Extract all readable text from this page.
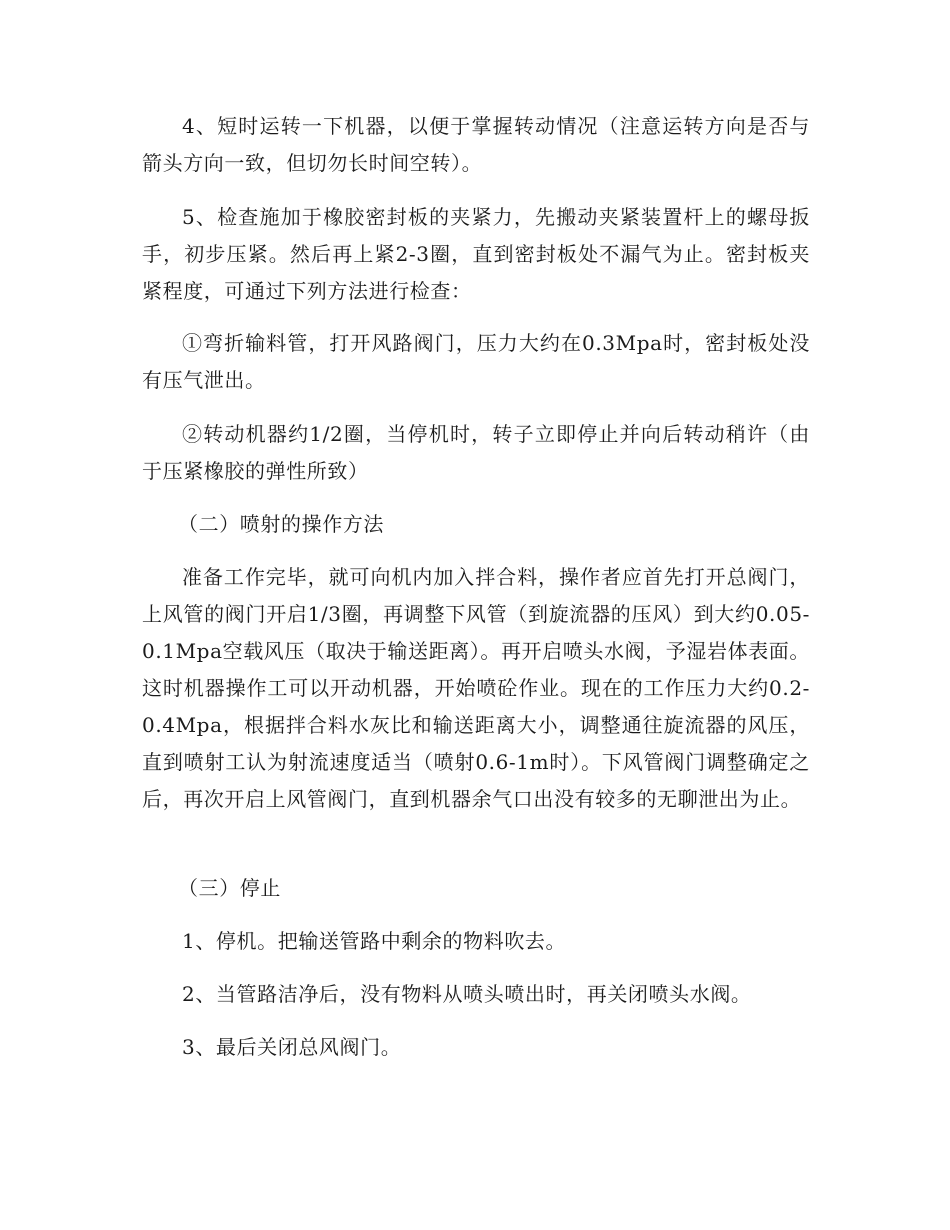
4、短时运转一下机器，以便于掌握转动情况（注意运转方向是否与箭头方向一致，但切勿长时间空转）。

5、检查施加于橡胶密封板的夹紧力，先搬动夹紧装置杆上的螺母扳手，初步压紧。然后再上紧2-3圈，直到密封板处不漏气为止。密封板夹紧程度，可通过下列方法进行检查：

①弯折输料管，打开风路阀门，压力大约在0.3Mpa时，密封板处没有压气泄出。

②转动机器约1/2圈，当停机时，转子立即停止并向后转动稍许（由于压紧橡胶的弹性所致）

（二）喷射的操作方法

准备工作完毕，就可向机内加入拌合料，操作者应首先打开总阀门，上风管的阀门开启1/3圈，再调整下风管（到旋流器的压风）到大约0.05-0.1Mpa空载风压（取决于输送距离）。再开启喷头水阀，予湿岩体表面。这时机器操作工可以开动机器，开始喷砼作业。现在的工作压力大约0.2-0.4Mpa，根据拌合料水灰比和输送距离大小，调整通往旋流器的风压，直到喷射工认为射流速度适当（喷射0.6-1m时）。下风管阀门调整确定之后，再次开启上风管阀门，直到机器余气口出没有较多的无聊泄出为止。

（三）停止

1、停机。把输送管路中剩余的物料吹去。

2、当管路洁净后，没有物料从喷头喷出时，再关闭喷头水阀。

3、最后关闭总风阀门。
